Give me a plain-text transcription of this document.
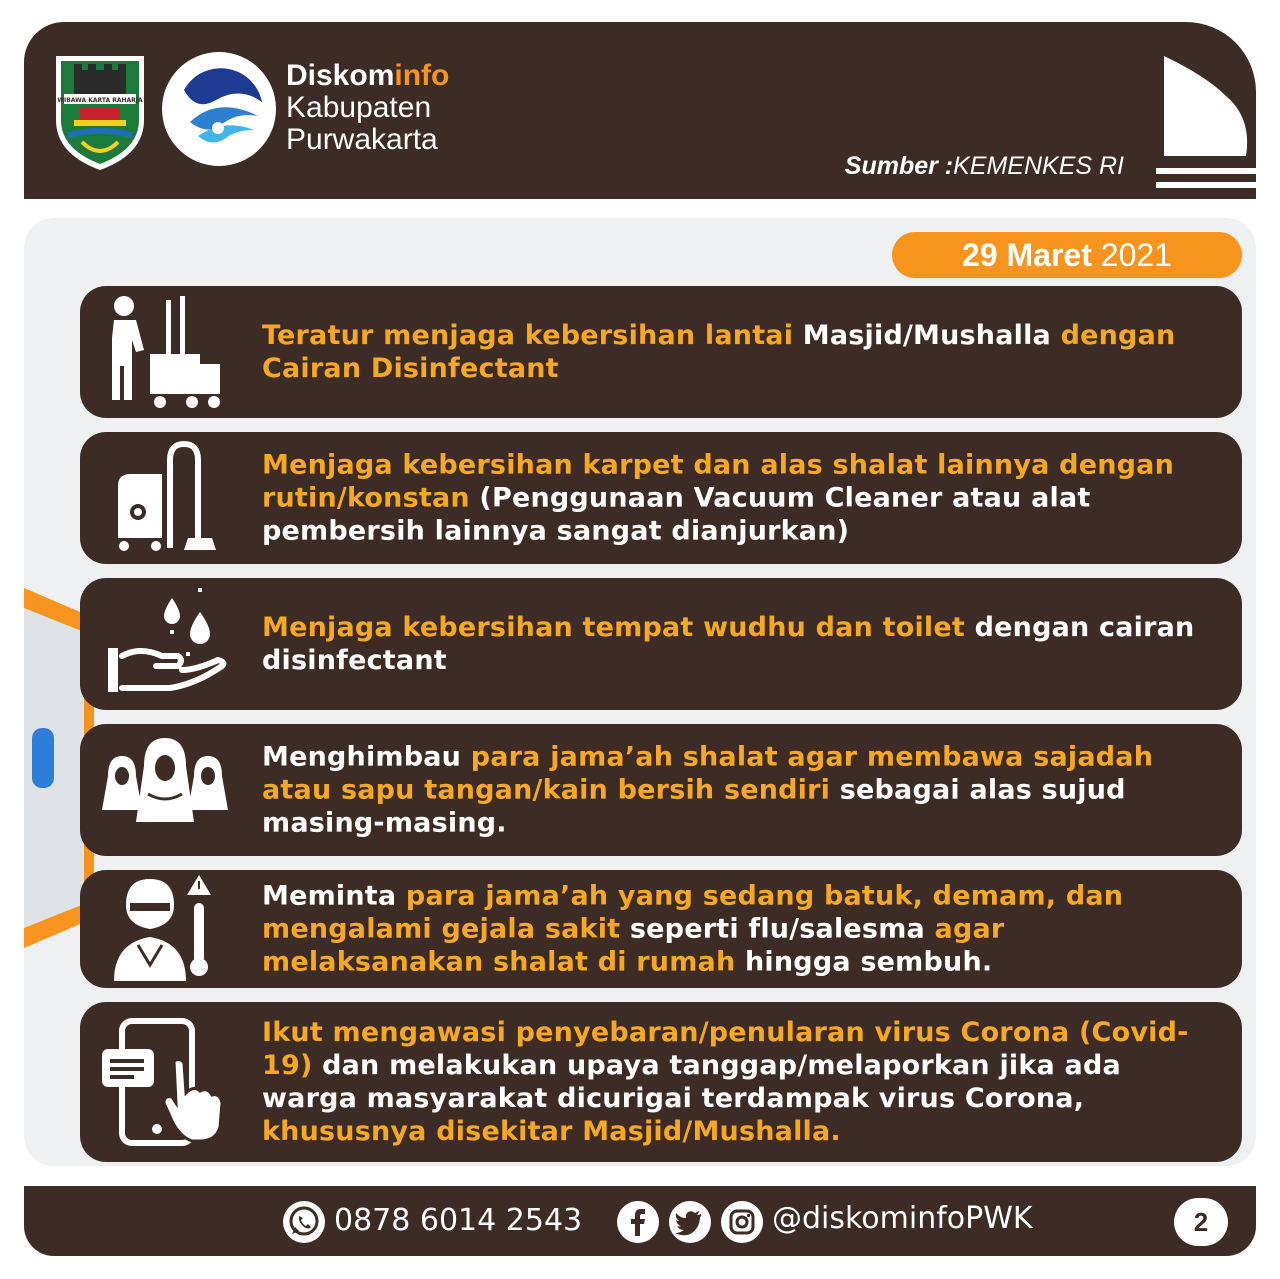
WIBAWA KARTA RAHARJA
Diskominfo
Kabupaten
Purwakarta
Sumber :KEMENKES RI
29 Maret 2021
Teratur menjaga kebersihan lantai Masjid/Mushalla dengan Cairan Disinfectant
Menjaga kebersihan karpet dan alas shalat lainnya dengan rutin/konstan (Penggunaan Vacuum Cleaner atau alat pembersih lainnya sangat dianjurkan)
Menjaga kebersihan tempat wudhu dan toilet dengan cairan disinfectant
Menghimbau para jama’ah shalat agar membawa sajadah atau sapu tangan/kain bersih sendiri sebagai alas sujud masing-masing.
Meminta para jama’ah yang sedang batuk, demam, dan mengalami gejala sakit seperti flu/salesma agar melaksanakan shalat di rumah hingga sembuh.
Ikut mengawasi penyebaran/penularan virus Corona (Covid-19) dan melakukan upaya tanggap/melaporkan jika ada warga masyarakat dicurigai terdampak virus Corona, khususnya disekitar Masjid/Mushalla.
0878 6014 2543	@diskominfoPWK	2
